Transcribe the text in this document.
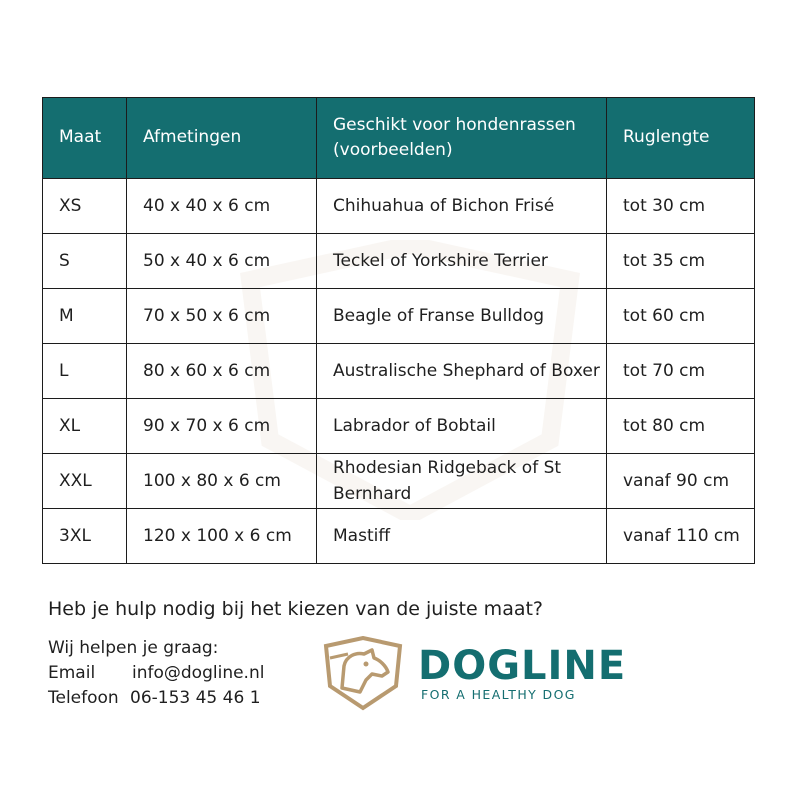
Maat	Afmetingen	Geschikt voor hondenrassen (voorbeelden)	Ruglengte
XS	40 x 40 x 6 cm	Chihuahua of Bichon Frisé	tot 30 cm
S	50 x 40 x 6 cm	Teckel of Yorkshire Terrier	tot 35 cm
M	70 x 50 x 6 cm	Beagle of Franse Bulldog	tot 60 cm
L	80 x 60 x 6 cm	Australische Shephard of Boxer	tot 70 cm
XL	90 x 70 x 6 cm	Labrador of Bobtail	tot 80 cm
XXL	100 x 80 x 6 cm	Rhodesian Ridgeback of St Bernhard	vanaf 90 cm
3XL	120 x 100 x 6 cm	Mastiff	vanaf 110 cm
Heb je hulp nodig bij het kiezen van de juiste maat?
Wij helpen je graag:
Email	info@dogline.nl
Telefoon 06-153 45 46 1
DOGLINE
FOR A HEALTHY DOG
